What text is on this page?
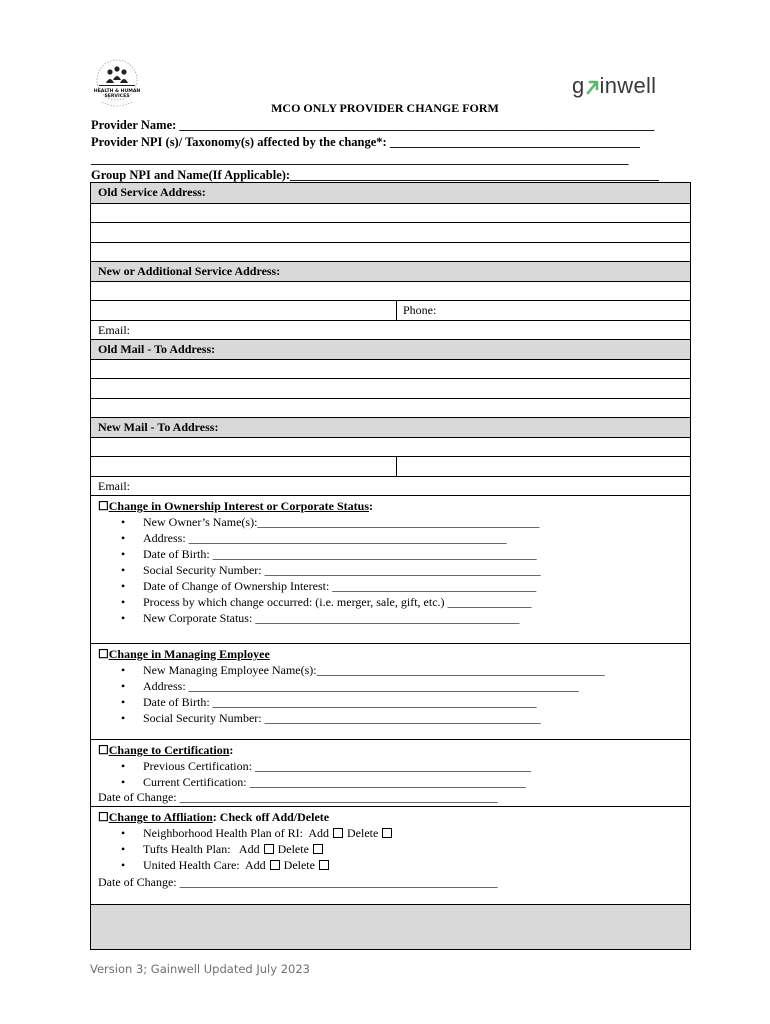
HEALTH & HUMAN
SERVICES	g inwell
MCO ONLY PROVIDER CHANGE FORM
Provider Name: ____________________________________________________________________________
Provider NPI (s)/ Taxonomy(s) affected by the change*: ________________________________________
______________________________________________________________________________________
Group NPI and Name(If Applicable):___________________________________________________________
Old Service Address:
New or Additional Service Address:
Phone:
Email:
Old Mail - To Address:
New Mail - To Address:
Email:
☐Change in Ownership Interest or Corporate Status:
• New Owner’s Name(s):_______________________________________________
• Address: _____________________________________________________
• Date of Birth: ______________________________________________________
• Social Security Number: ______________________________________________
• Date of Change of Ownership Interest: __________________________________
• Process by which change occurred: (i.e. merger, sale, gift, etc.) ______________
• New Corporate Status: ____________________________________________
☐Change in Managing Employee
• New Managing Employee Name(s):________________________________________________
• Address: _________________________________________________________________
• Date of Birth: ______________________________________________________
• Social Security Number: ______________________________________________
☐Change to Certification:
• Previous Certification: ______________________________________________
• Current Certification: ______________________________________________
Date of Change: _____________________________________________________
☐Change to Affliation: Check off Add/Delete
• Neighborhood Health Plan of RI: Add Delete
• Tufts Health Plan:   Add Delete
• United Health Care:  Add Delete
Date of Change: _____________________________________________________
Version 3; Gainwell Updated July 2023
